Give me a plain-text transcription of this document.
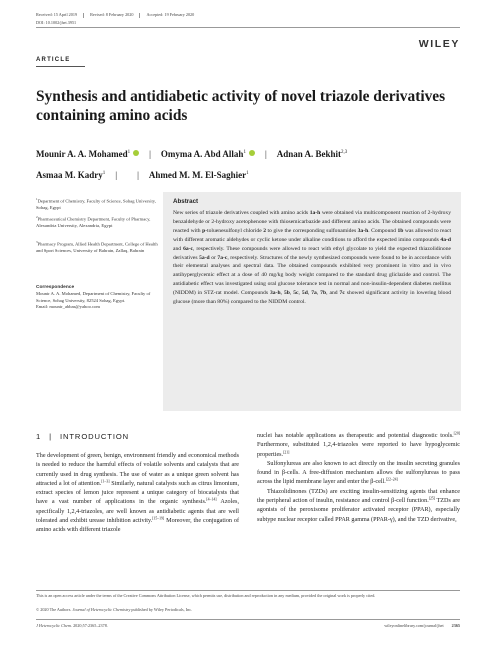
Received: 15 April 2019	Revised: 8 February 2020	Accepted: 19 February 2020
DOI: 10.1002/jhet.3951
WILEY
ARTICLE
Synthesis and antidiabetic activity of novel triazole derivatives containing amino acids
Mounir A. A. Mohamed$^1$ | Omyma A. Abd Allah$^1$ | Adnan A. Bekhit$^{2,3}$
Asmaa M. Kadry$^1$ | | Ahmed M. M. El-Saghier$^1$
$^1$Department of Chemistry, Faculty of Science, Sohag University, Sohag, Egypt
$^2$Pharmaceutical Chemistry Department, Faculty of Pharmacy, Alexandria University, Alexandria, Egypt
$^3$Pharmacy Program, Allied Health Department, College of Health and Sport Sciences, University of Bahrain, Zallaq, Bahrain
Correspondence
Mounir A. A. Mohamed, Department of Chemistry, Faculty of Science, Sohag University, 82524 Sohag, Egypt.
Email: mounir_abbas@yahoo.com
Abstract
New series of triazole derivatives coupled with amino acids 1a-h were obtained via multicomponent reaction of 2-hydroxy benzaldehyde or 2-hydroxy acetophenone with thiosemicarbazide and different amino acids. The obtained compounds were reacted with p-toluenesulfonyl chloride 2 to give the corresponding sulfonamides 3a-h. Compound 1b was allowed to react with different aromatic aldehydes or cyclic ketone under alkaline conditions to afford the expected imino compounds 4a-d and 6a-c, respectively. These compounds were allowed to react with ethyl glycolate to yield the expected thiazolidinone derivatives 5a-d or 7a-c, respectively. Structures of the newly synthesized compounds were found to be in accordance with their elemental analyses and spectral data. The obtained compounds exhibited very prominent in vitro and in vivo antihyperglycemic effect at a dose of 40 mg/kg body weight compared to the standard drug gliclazide and control. The antidiabetic effect was investigated using oral glucose tolerance test in normal and non-insulin-dependent diabetes mellitus (NIDDM) in STZ-rat model. Compounds 3a-h, 5b, 5c, 5d, 7a, 7b, and 7c showed significant activity in lowering blood glucose (more than 80%) compared to the NIDDM control.
1 | INTRODUCTION

The development of green, benign, environment friendly and economical methods is needed to reduce the harmful effects of volatile solvents and catalysts that are currently used in drug synthesis. The use of water as a unique green solvent has attracted a lot of attention.[1–3] Similarly, natural catalysts such as citrus limonium, extract species of lemon juice represent a unique category of biocatalysts that have a vast number of applications in the organic synthesis.[4–14] Azoles, specifically 1,2,4-triazoles, are well known as antidiabetic agents that are well tolerated and exhibit urease inhibition activity.[15–19] Moreover, the conjugation of amino acids with different triazole

nuclei has notable applications as therapeutic and potential diagnostic tools.[20] Furthermore, substituted 1,2,4-triazoles were reported to have hypoglycemic properties.[21]

Sulfonylureas are also known to act directly on the insulin secreting granules found in β-cells. A free-diffusion mechanism allows the sulfonylureas to pass across the lipid membrane layer and enter the β-cell.[22–24]

Thiazolidinones (TZDs) are exciting insulin-sensitizing agents that enhance the peripheral action of insulin, resistance and control β-cell function.[25] TZDs are agonists of the peroxisome proliferator activated receptor (PPAR), especially subtype nuclear receptor called PPAR gamma (PPAR-γ), and the TZD derivative,

This is an open access article under the terms of the Creative Commons Attribution License, which permits use, distribution and reproduction in any medium, provided the original work is properly cited.
© 2020 The Authors. Journal of Heterocyclic Chemistry published by Wiley Periodicals, Inc.
J Heterocyclic Chem. 2020;57:2365–2378.	wileyonlinelibrary.com/journal/jhet 2365
